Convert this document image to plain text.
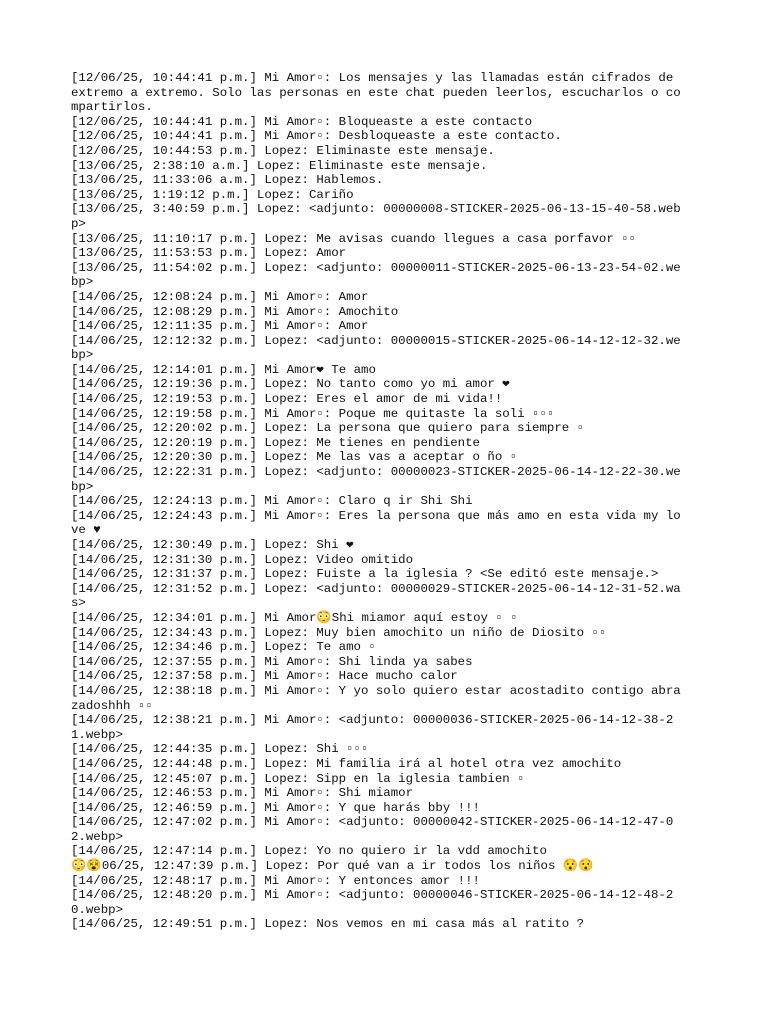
[12/06/25, 10:44:41 p.m.] Mi Amor▫: Los mensajes y las llamadas están cifrados de extremo a extremo. Solo las personas en este chat pueden leerlos, escucharlos o compartirlos.
[12/06/25, 10:44:41 p.m.] Mi Amor▫: Bloqueaste a este contacto
[12/06/25, 10:44:41 p.m.] Mi Amor▫: Desbloqueaste a este contacto.
[12/06/25, 10:44:53 p.m.] Lopez: Eliminaste este mensaje.
[13/06/25, 2:38:10 a.m.] Lopez: Eliminaste este mensaje.
[13/06/25, 11:33:06 a.m.] Lopez: Hablemos.
[13/06/25, 1:19:12 p.m.] Lopez: Cariño
[13/06/25, 3:40:59 p.m.] Lopez: <adjunto: 00000008-STICKER-2025-06-13-15-40-58.webp>
[13/06/25, 11:10:17 p.m.] Lopez: Me avisas cuando llegues a casa porfavor ▫▫
[13/06/25, 11:53:53 p.m.] Lopez: Amor
[13/06/25, 11:54:02 p.m.] Lopez: <adjunto: 00000011-STICKER-2025-06-13-23-54-02.webp>
[14/06/25, 12:08:24 p.m.] Mi Amor▫: Amor
[14/06/25, 12:08:29 p.m.] Mi Amor▫: Amochito
[14/06/25, 12:11:35 p.m.] Mi Amor▫: Amor
[14/06/25, 12:12:32 p.m.] Lopez: <adjunto: 00000015-STICKER-2025-06-14-12-12-32.webp>
[14/06/25, 12:14:01 p.m.] Mi Amor❤ Te amo
[14/06/25, 12:19:36 p.m.] Lopez: No tanto como yo mi amor ❤
[14/06/25, 12:19:53 p.m.] Lopez: Eres el amor de mi vida!!
[14/06/25, 12:19:58 p.m.] Mi Amor▫: Poque me quitaste la soli ▫▫▫
[14/06/25, 12:20:02 p.m.] Lopez: La persona que quiero para siempre ▫
[14/06/25, 12:20:19 p.m.] Lopez: Me tienes en pendiente
[14/06/25, 12:20:30 p.m.] Lopez: Me las vas a aceptar o ño ▫
[14/06/25, 12:22:31 p.m.] Lopez: <adjunto: 00000023-STICKER-2025-06-14-12-22-30.webp>
[14/06/25, 12:24:13 p.m.] Mi Amor▫: Claro q ir Shi Shi
[14/06/25, 12:24:43 p.m.] Mi Amor▫: Eres la persona que más amo en esta vida my love ♥
[14/06/25, 12:30:49 p.m.] Lopez: Shi ❤
[14/06/25, 12:31:30 p.m.] Lopez: Video omitido
[14/06/25, 12:31:37 p.m.] Lopez: Fuiste a la iglesia ? <Se editó este mensaje.>
[14/06/25, 12:31:52 p.m.] Lopez: <adjunto: 00000029-STICKER-2025-06-14-12-31-52.was>
[14/06/25, 12:34:01 p.m.] Mi Amor😳Shi miamor aquí estoy ▫ ▫
[14/06/25, 12:34:43 p.m.] Lopez: Muy bien amochito un niño de Diosito ▫▫
[14/06/25, 12:34:46 p.m.] Lopez: Te amo ▫
[14/06/25, 12:37:55 p.m.] Mi Amor▫: Shi linda ya sabes
[14/06/25, 12:37:58 p.m.] Mi Amor▫: Hace mucho calor
[14/06/25, 12:38:18 p.m.] Mi Amor▫: Y yo solo quiero estar acostadito contigo abrazadoshhh ▫▫
[14/06/25, 12:38:21 p.m.] Mi Amor▫: <adjunto: 00000036-STICKER-2025-06-14-12-38-21.webp>
[14/06/25, 12:44:35 p.m.] Lopez: Shi ▫▫▫
[14/06/25, 12:44:48 p.m.] Lopez: Mi familia irá al hotel otra vez amochito
[14/06/25, 12:45:07 p.m.] Lopez: Sipp en la iglesia tambien ▫
[14/06/25, 12:46:53 p.m.] Mi Amor▫: Shi miamor
[14/06/25, 12:46:59 p.m.] Mi Amor▫: Y que harás bby !!!
[14/06/25, 12:47:02 p.m.] Mi Amor▫: <adjunto: 00000042-STICKER-2025-06-14-12-47-02.webp>
[14/06/25, 12:47:14 p.m.] Lopez: Yo no quiero ir la vdd amochito
😳😵06/25, 12:47:39 p.m.] Lopez: Por qué van a ir todos los niños 😯😯
[14/06/25, 12:48:17 p.m.] Mi Amor▫: Y entonces amor !!!
[14/06/25, 12:48:20 p.m.] Mi Amor▫: <adjunto: 00000046-STICKER-2025-06-14-12-48-20.webp>
[14/06/25, 12:49:51 p.m.] Lopez: Nos vemos en mi casa más al ratito ?
